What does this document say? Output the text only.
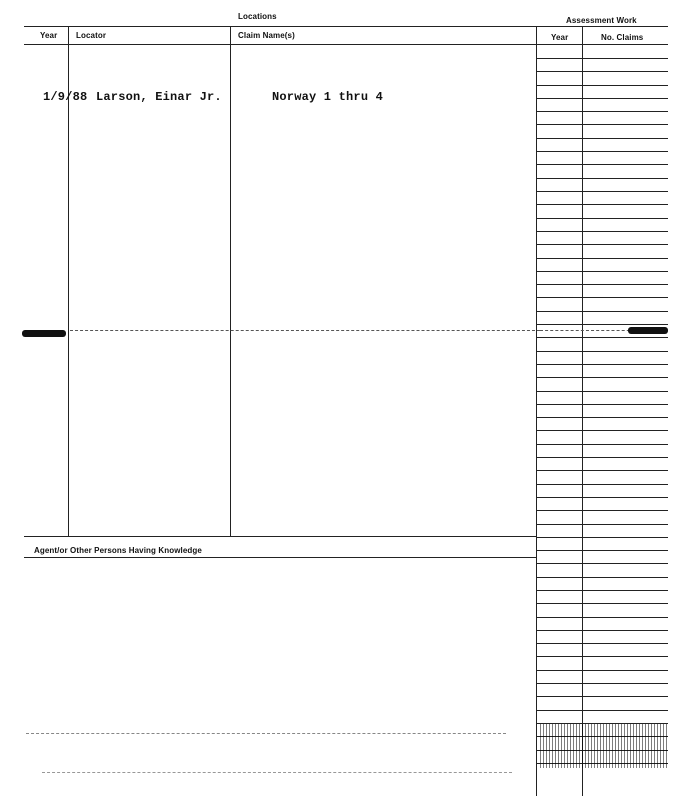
Locations	Assessment Work
Year Locator	Claim Name(s)	Year	No. Claims
1/9/88 Larson, Einar Jr.	Norway 1 thru 4
Agent/or Other Persons Having Knowledge
